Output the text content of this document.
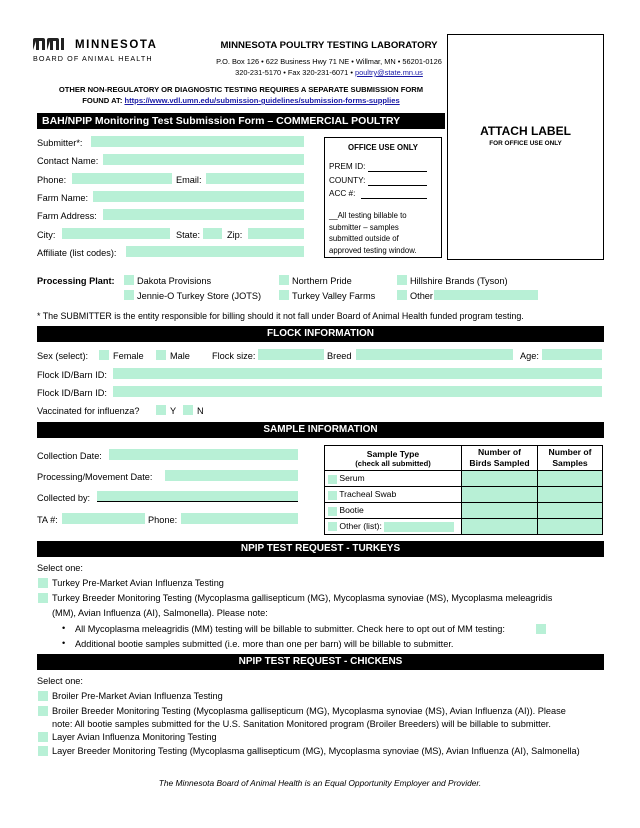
MINNESOTA
BOARD OF ANIMAL HEALTH
MINNESOTA POULTRY TESTING LABORATORY
P.O. Box 126 • 622 Business Hwy 71 NE • Willmar, MN • 56201-0126
320-231-5170 • Fax 320-231-6071 • poultry@state.mn.us
OTHER NON-REGULATORY OR DIAGNOSTIC TESTING REQUIRES A SEPARATE SUBMISSION FORM
FOUND AT: https://www.vdl.umn.edu/submission-guidelines/submission-forms-supplies
ATTACH LABEL
FOR OFFICE USE ONLY
BAH/NPIP Monitoring Test Submission Form – COMMERCIAL POULTRY
Submitter*:
Contact Name:
Phone:	Email:
Farm Name:
Farm Address:
City:	State:	Zip:
Affiliate (list codes):
OFFICE USE ONLY
PREM ID:
COUNTY:
ACC #:
__All testing billable to
submitter – samples
submitted outside of
approved testing window.
Processing Plant: Dakota Provisions	Northern Pride	Hillshire Brands (Tyson)
Jennie-O Turkey Store (JOTS)	Turkey Valley Farms	Other
* The SUBMITTER is the entity responsible for billing should it not fall under Board of Animal Health funded program testing.
FLOCK INFORMATION
Sex (select):	Female	Male Flock size:	Breed	Age:
Flock ID/Barn ID:
Flock ID/Barn ID:
Vaccinated for influenza?	Y N
SAMPLE INFORMATION
Collection Date:
Processing/Movement Date:
Collected by:
TA #:	Phone:
Sample Type
(check all submitted)	Number of Birds Sampled	Number of Samples
Serum		
Tracheal Swab		
Bootie		
Other (list):		
NPIP TEST REQUEST - TURKEYS
Select one:
Turkey Pre-Market Avian Influenza Testing
Turkey Breeder Monitoring Testing (Mycoplasma gallisepticum (MG), Mycoplasma synoviae (MS), Mycoplasma meleagridis
(MM), Avian Influenza (AI), Salmonella). Please note:
• All Mycoplasma meleagridis (MM) testing will be billable to submitter. Check here to opt out of MM testing:
• Additional bootie samples submitted (i.e. more than one per barn) will be billable to submitter.
NPIP TEST REQUEST - CHICKENS
Select one:
Broiler Pre-Market Avian Influenza Testing
Broiler Breeder Monitoring Testing (Mycoplasma gallisepticum (MG), Mycoplasma synoviae (MS), Avian Influenza (AI)). Please
note: All bootie samples submitted for the U.S. Sanitation Monitored program (Broiler Breeders) will be billable to submitter.
Layer Avian Influenza Monitoring Testing
Layer Breeder Monitoring Testing (Mycoplasma gallisepticum (MG), Mycoplasma synoviae (MS), Avian Influenza (AI), Salmonella)
The Minnesota Board of Animal Health is an Equal Opportunity Employer and Provider.
